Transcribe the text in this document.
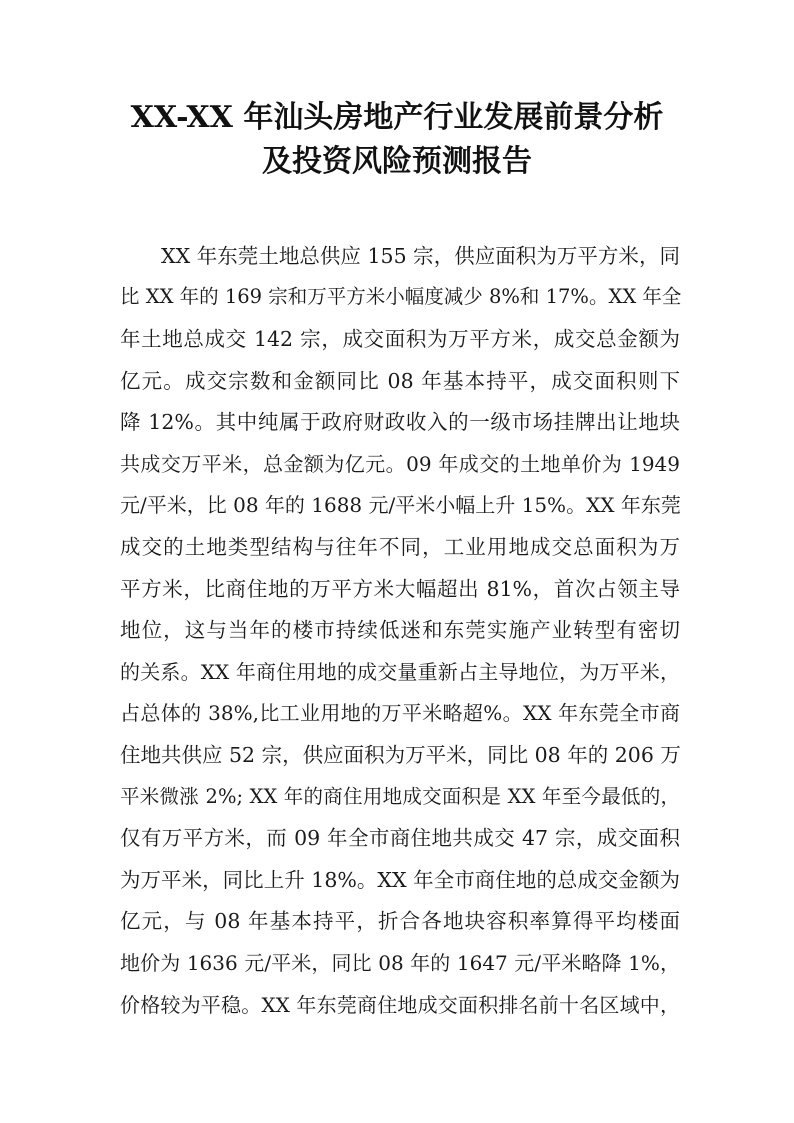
XX-XX 年汕头房地产行业发展前景分析
及投资风险预测报告
XX 年东莞土地总供应 155 宗，供应面积为万平方米，同
比 XX 年的 169 宗和万平方米小幅度减少 8%和 17%。XX 年全
年土地总成交 142 宗，成交面积为万平方米，成交总金额为
亿元。成交宗数和金额同比 08 年基本持平，成交面积则下
降 12%。其中纯属于政府财政收入的一级市场挂牌出让地块
共成交万平米，总金额为亿元。09 年成交的土地单价为 1949
元/平米，比 08 年的 1688 元/平米小幅上升 15%。XX 年东莞
成交的土地类型结构与往年不同，工业用地成交总面积为万
平方米，比商住地的万平方米大幅超出 81%，首次占领主导
地位，这与当年的楼市持续低迷和东莞实施产业转型有密切
的关系。XX 年商住用地的成交量重新占主导地位，为万平米，
占总体的 38%,比工业用地的万平米略超%。XX 年东莞全市商
住地共供应 52 宗，供应面积为万平米，同比 08 年的 206 万
平米微涨 2%; XX 年的商住用地成交面积是 XX 年至今最低的，
仅有万平方米，而 09 年全市商住地共成交 47 宗，成交面积
为万平米，同比上升 18%。XX 年全市商住地的总成交金额为
亿元，与 08 年基本持平，折合各地块容积率算得平均楼面
地价为 1636 元/平米，同比 08 年的 1647 元/平米略降 1%，
价格较为平稳。XX 年东莞商住地成交面积排名前十名区域中，
